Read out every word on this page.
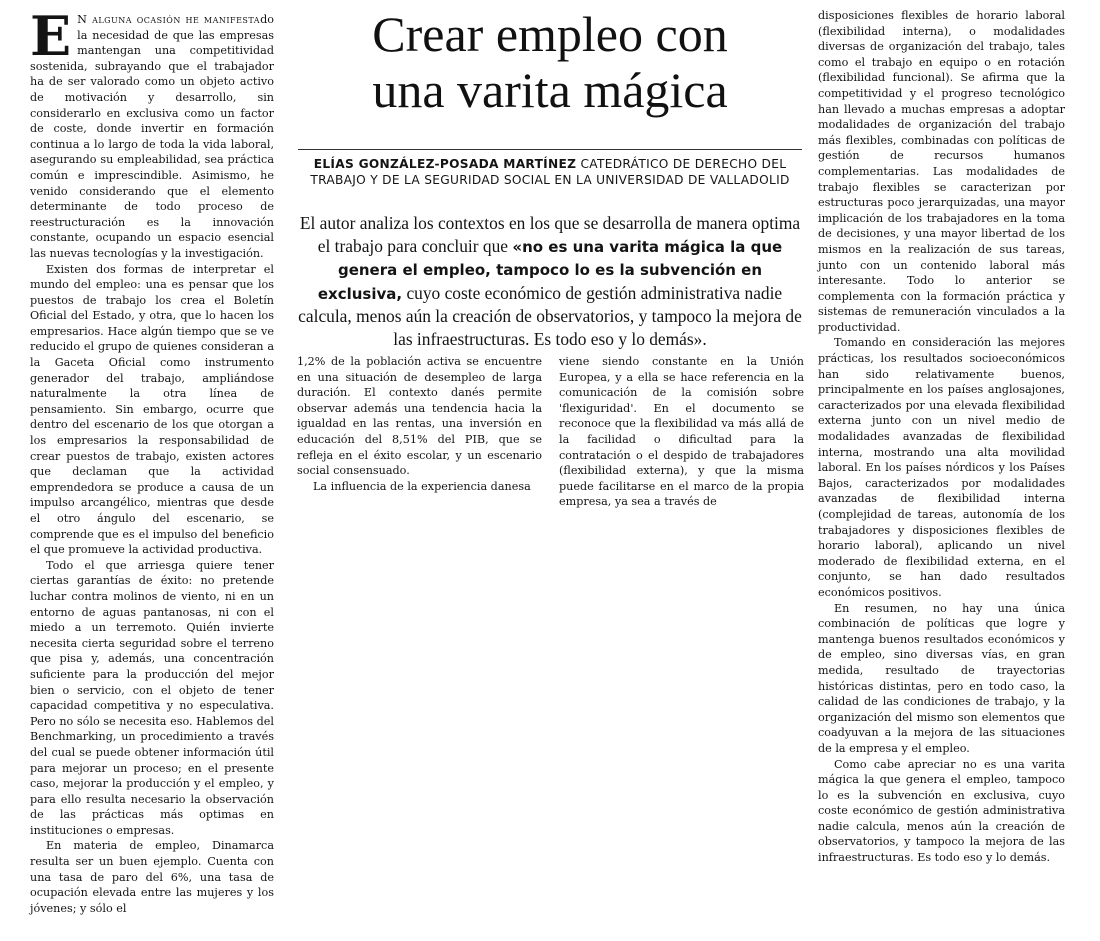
E N alguna ocasión he manifestado la necesidad de que las empresas mantengan una competitividad sostenida, subrayando que el trabajador ha de ser valorado como un objeto activo de motivación y desarrollo, sin considerarlo en exclusiva como un factor de coste, donde invertir en formación continua a lo largo de toda la vida laboral, asegurando su empleabilidad, sea práctica común e imprescindible. Asimismo, he venido considerando que el elemento determinante de todo proceso de reestructuración es la innovación constante, ocupando un espacio esencial las nuevas tecnologías y la investigación.

Existen dos formas de interpretar el mundo del empleo: una es pensar que los puestos de trabajo los crea el Boletín Oficial del Estado, y otra, que lo hacen los empresarios. Hace algún tiempo que se ve reducido el grupo de quienes consideran a la Gaceta Oficial como instrumento generador del trabajo, ampliándose naturalmente la otra línea de pensamiento. Sin embargo, ocurre que dentro del escenario de los que otorgan a los empresarios la responsabilidad de crear puestos de trabajo, existen actores que declaman que la actividad emprendedora se produce a causa de un impulso arcangélico, mientras que desde el otro ángulo del escenario, se comprende que es el impulso del beneficio el que promueve la actividad productiva.

Todo el que arriesga quiere tener ciertas garantías de éxito: no pretende luchar contra molinos de viento, ni en un entorno de aguas pantanosas, ni con el miedo a un terremoto. Quién invierte necesita cierta seguridad sobre el terreno que pisa y, además, una concentración suficiente para la producción del mejor bien o servicio, con el objeto de tener capacidad competitiva y no especulativa. Pero no sólo se necesita eso. Hablemos del Benchmarking, un procedimiento a través del cual se puede obtener información útil para mejorar un proceso; en el presente caso, mejorar la producción y el empleo, y para ello resulta necesario la observación de las prácticas más optimas en instituciones o empresas.

En materia de empleo, Dinamarca resulta ser un buen ejemplo. Cuenta con una tasa de paro del 6%, una tasa de ocupación elevada entre las mujeres y los jóvenes; y sólo el

Crear empleo con
una varita mágica
ELÍAS GONZÁLEZ-POSADA MARTÍNEZ CATEDRÁTICO DE DERECHO DEL TRABAJO Y DE LA SEGURIDAD SOCIAL EN LA UNIVERSIDAD DE VALLADOLID
El autor analiza los contextos en los que se desarrolla de manera optima el trabajo para concluir que «no es una varita mágica la que genera el empleo, tampoco lo es la subvención en exclusiva, cuyo coste económico de gestión administrativa nadie calcula, menos aún la creación de observatorios, y tampoco la mejora de las infraestructuras. Es todo eso y lo demás».

1,2% de la población activa se encuentre en una situación de desempleo de larga duración. El contexto danés permite observar además una tendencia hacia la igualdad en las rentas, una inversión en educación del 8,51% del PIB, que se refleja en el éxito escolar, y un escenario social consensuado.

La influencia de la experiencia danesa

viene siendo constante en la Unión Europea, y a ella se hace referencia en la comunicación de la comisión sobre 'flexiguridad'. En el documento se reconoce que la flexibilidad va más allá de la facilidad o dificultad para la contratación o el despido de trabajadores (flexibilidad externa), y que la misma puede facilitarse en el marco de la propia empresa, ya sea a través de

disposiciones flexibles de horario laboral (flexibilidad interna), o modalidades diversas de organización del trabajo, tales como el trabajo en equipo o en rotación (flexibilidad funcional). Se afirma que la competitividad y el progreso tecnológico han llevado a muchas empresas a adoptar modalidades de organización del trabajo más flexibles, combinadas con políticas de gestión de recursos humanos complementarias. Las modalidades de trabajo flexibles se caracterizan por estructuras poco jerarquizadas, una mayor implicación de los trabajadores en la toma de decisiones, y una mayor libertad de los mismos en la realización de sus tareas, junto con un contenido laboral más interesante. Todo lo anterior se complementa con la formación práctica y sistemas de remuneración vinculados a la productividad.

Tomando en consideración las mejores prácticas, los resultados socioeconómicos han sido relativamente buenos, principalmente en los países anglosajones, caracterizados por una elevada flexibilidad externa junto con un nivel medio de modalidades avanzadas de flexibilidad interna, mostrando una alta movilidad laboral. En los países nórdicos y los Países Bajos, caracterizados por modalidades avanzadas de flexibilidad interna (complejidad de tareas, autonomía de los trabajadores y disposiciones flexibles de horario laboral), aplicando un nivel moderado de flexibilidad externa, en el conjunto, se han dado resultados económicos positivos.

En resumen, no hay una única combinación de políticas que logre y mantenga buenos resultados económicos y de empleo, sino diversas vías, en gran medida, resultado de trayectorias históricas distintas, pero en todo caso, la calidad de las condiciones de trabajo, y la organización del mismo son elementos que coadyuvan a la mejora de las situaciones de la empresa y el empleo.

Como cabe apreciar no es una varita mágica la que genera el empleo, tampoco lo es la subvención en exclusiva, cuyo coste económico de gestión administrativa nadie calcula, menos aún la creación de observatorios, y tampoco la mejora de las infraestructuras. Es todo eso y lo demás.
